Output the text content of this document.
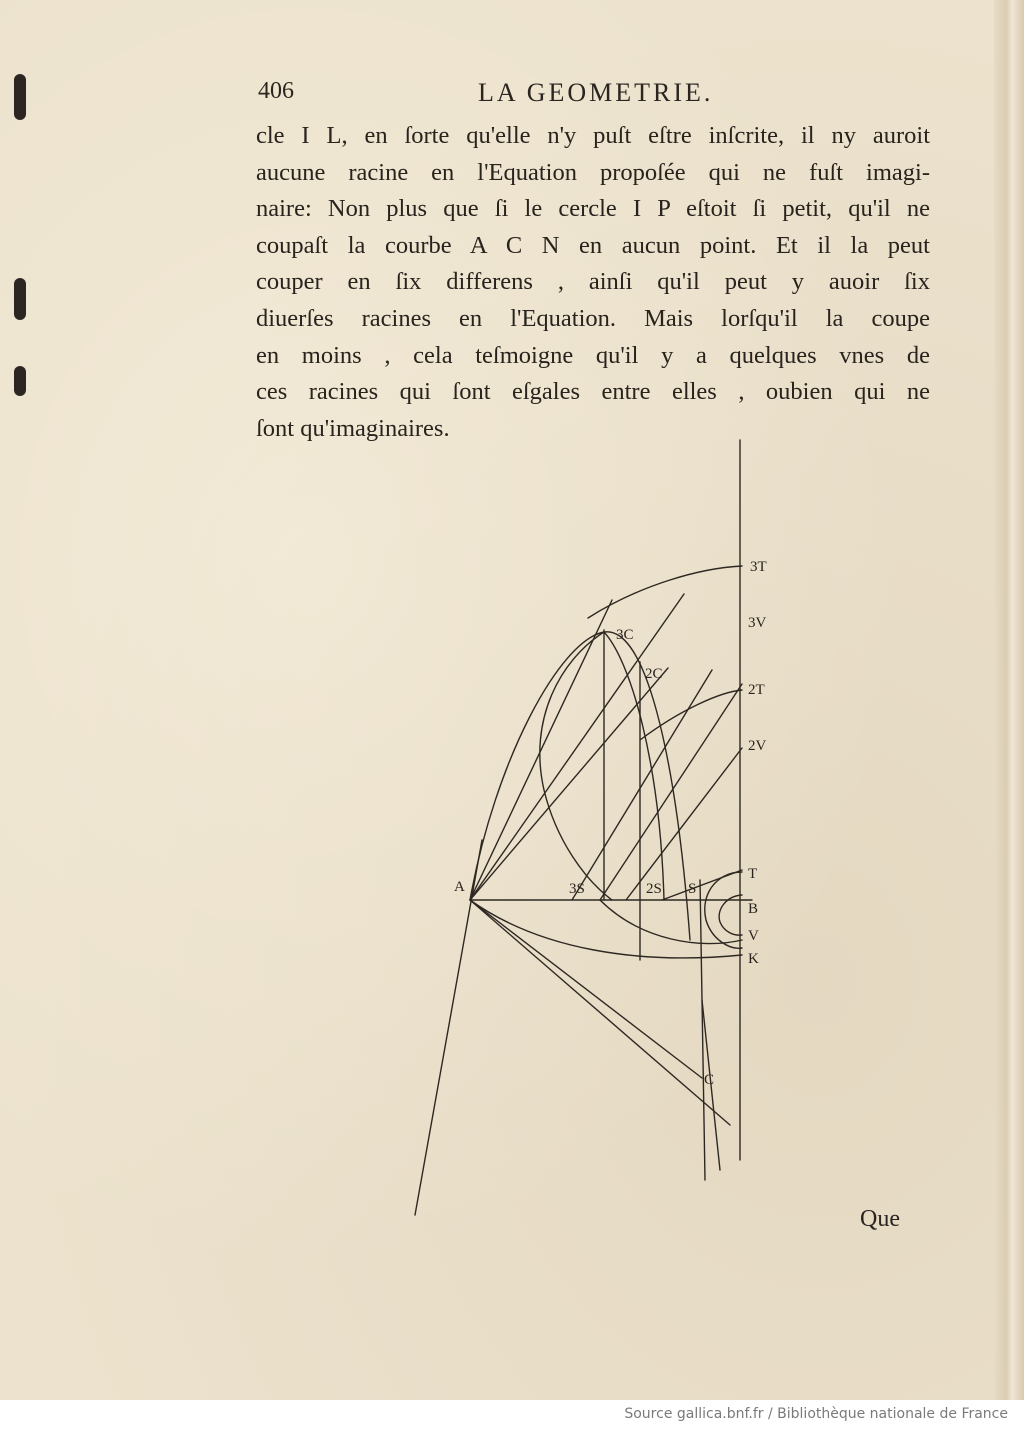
406	LA GEOMETRIE.
cle I L, en ſorte qu'elle n'y puſt eſtre inſcrite, il ny auroit
aucune racine en l'Equation propoſée qui ne fuſt imagi-
naire: Non plus que ſi le cercle I P eſtoit ſi petit, qu'il ne
coupaſt la courbe A C N en aucun point. Et il la peut
couper en ſix differens , ainſi qu'il peut y auoir ſix
diuerſes racines en l'Equation. Mais lorſqu'il la coupe
en moins , cela teſmoigne qu'il y a quelques vnes de
ces racines qui ſont eſgales entre elles , oubien qui ne
ſont qu'imaginaires.
3T
3V
3C
2C
2T
2V
T
A	3S	2S S
B
V
K
C
Que
Source gallica.bnf.fr / Bibliothèque nationale de France
